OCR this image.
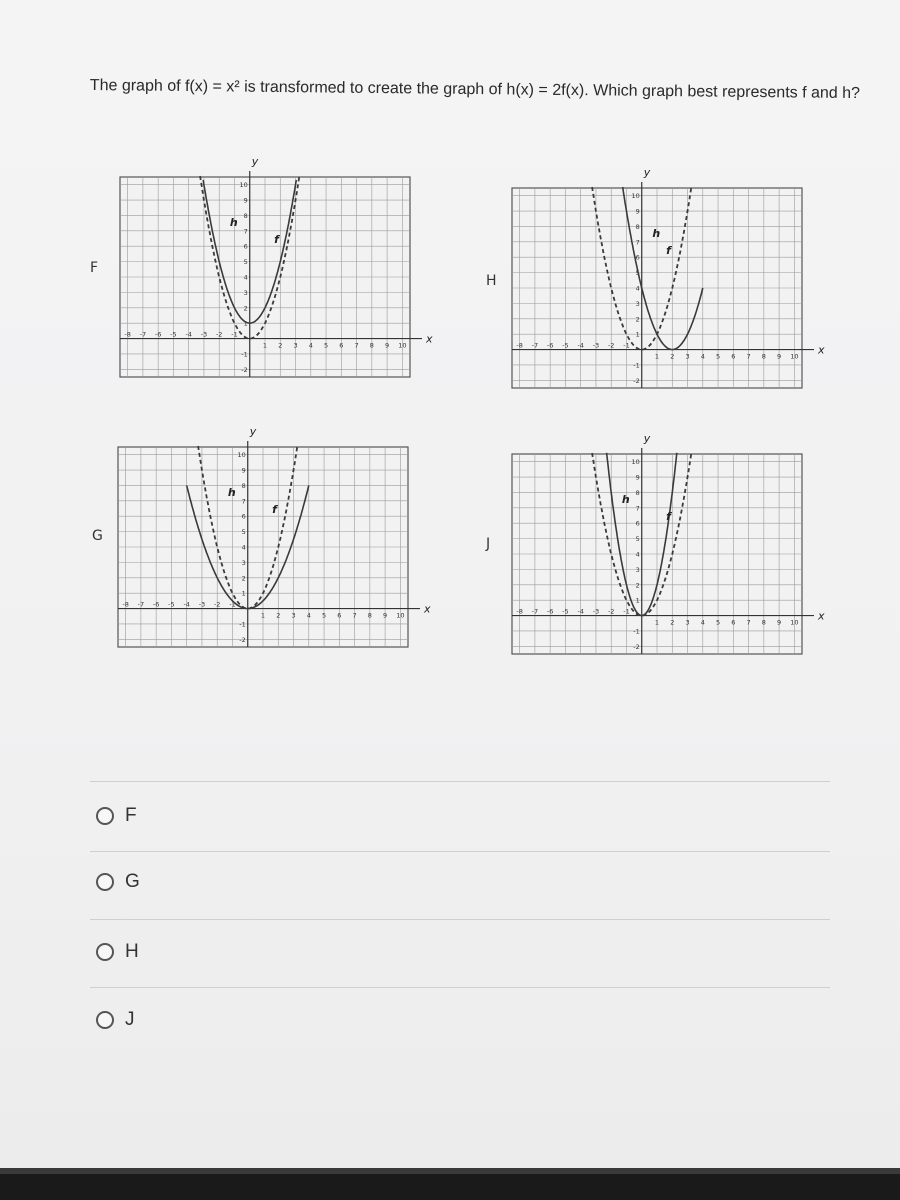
The graph of f(x) = x² is transformed to create the graph of h(x) = 2f(x). Which graph best represents f and h?
F
x
y
-8 -7 -6 -5 -4 -3 -2 -1
1 2 3 4 5 6 7 8 9 10
10
9
8
7
6
5
4
3
2
1
-1
-2
f
h
H
x
y
-8 -7 -6 -5 -4 -3 -2 -1
1 2 3 4 5 6 7 8 9 10
10
9
8
7
6
5
4
3
2
1
-1
-2
f
h
G
x
y
-8 -7 -6 -5 -4 -3 -2 -1
1 2 3 4 5 6 7 8 9 10
10
9
8
7
6
5
4
3
2
1
-1
-2
f
h
J
x
y
-8 -7 -6 -5 -4 -3 -2 -1
1 2 3 4 5 6 7 8 9 10
10
9
8
7
6
5
4
3
2
1
-1
-2
f
h
F
G
H
J
